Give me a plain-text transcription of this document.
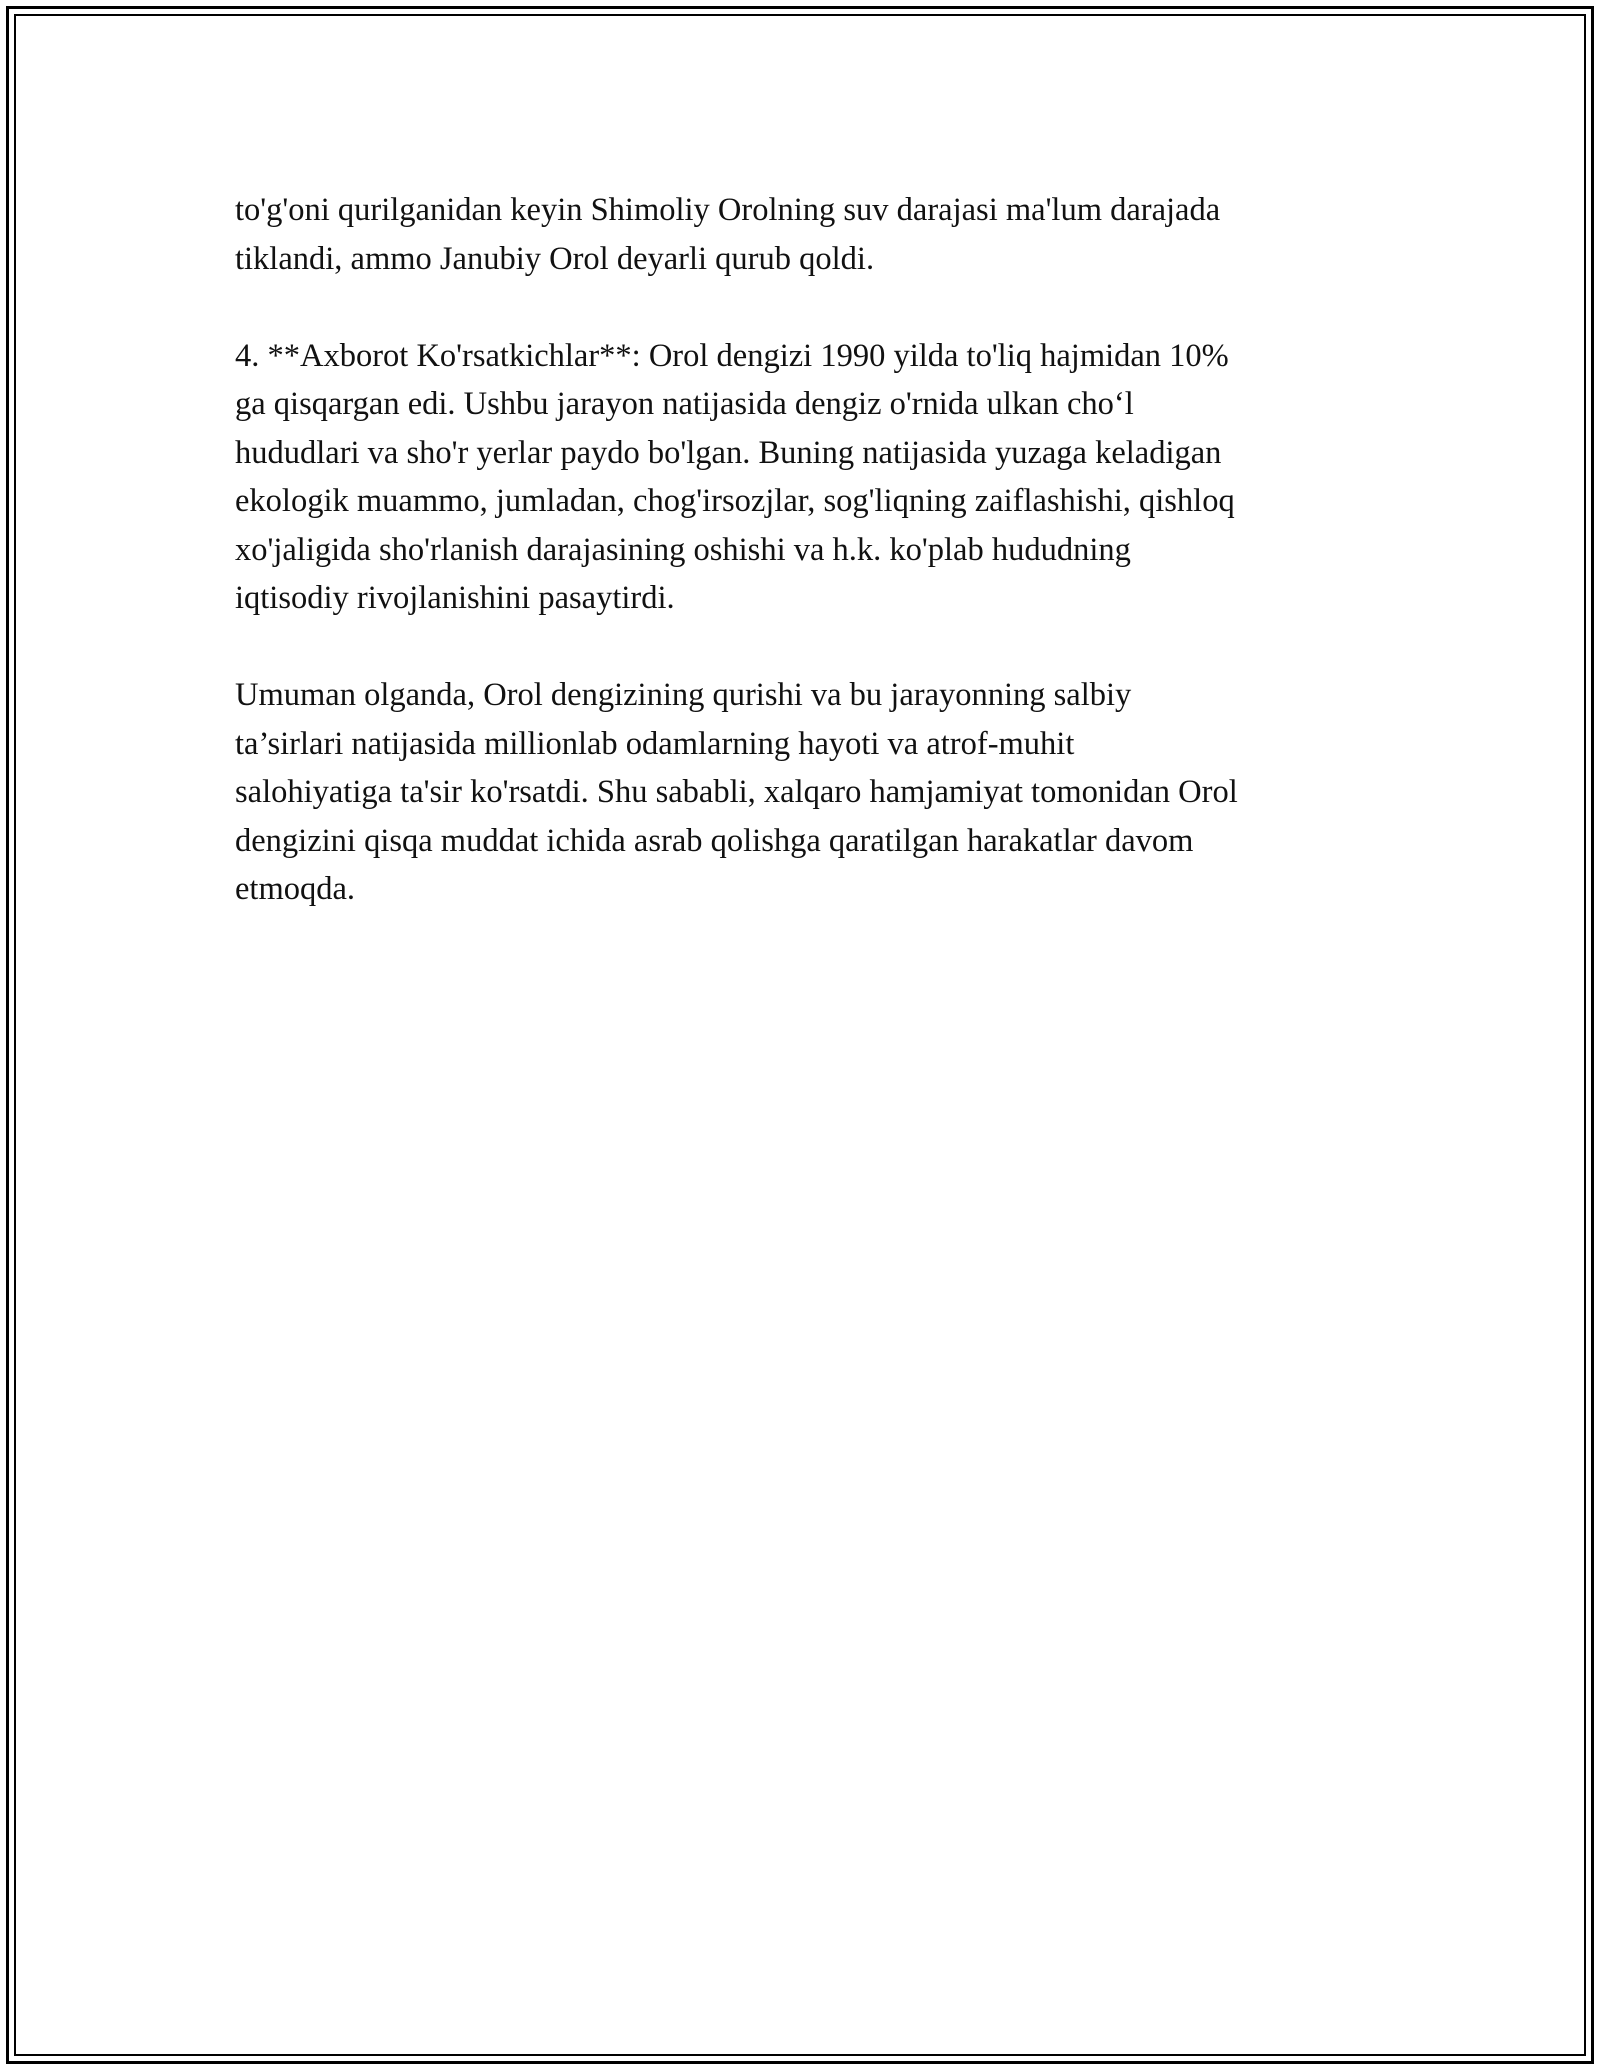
to'g'oni qurilganidan keyin Shimoliy Orolning suv darajasi ma'lum darajada
tiklandi, ammo Janubiy Orol deyarli qurub qoldi.
4. **Axborot Ko'rsatkichlar**: Orol dengizi 1990 yilda to'liq hajmidan 10%
ga qisqargan edi. Ushbu jarayon natijasida dengiz o'rnida ulkan cho‘l
hududlari va sho'r yerlar paydo bo'lgan. Buning natijasida yuzaga keladigan
ekologik muammo, jumladan, chog'irsozjlar, sog'liqning zaiflashishi, qishloq
xo'jaligida sho'rlanish darajasining oshishi va h.k. ko'plab hududning
iqtisodiy rivojlanishini pasaytirdi.
Umuman olganda, Orol dengizining qurishi va bu jarayonning salbiy
ta’sirlari natijasida millionlab odamlarning hayoti va atrof-muhit
salohiyatiga ta'sir ko'rsatdi. Shu sababli, xalqaro hamjamiyat tomonidan Orol
dengizini qisqa muddat ichida asrab qolishga qaratilgan harakatlar davom
etmoqda.
